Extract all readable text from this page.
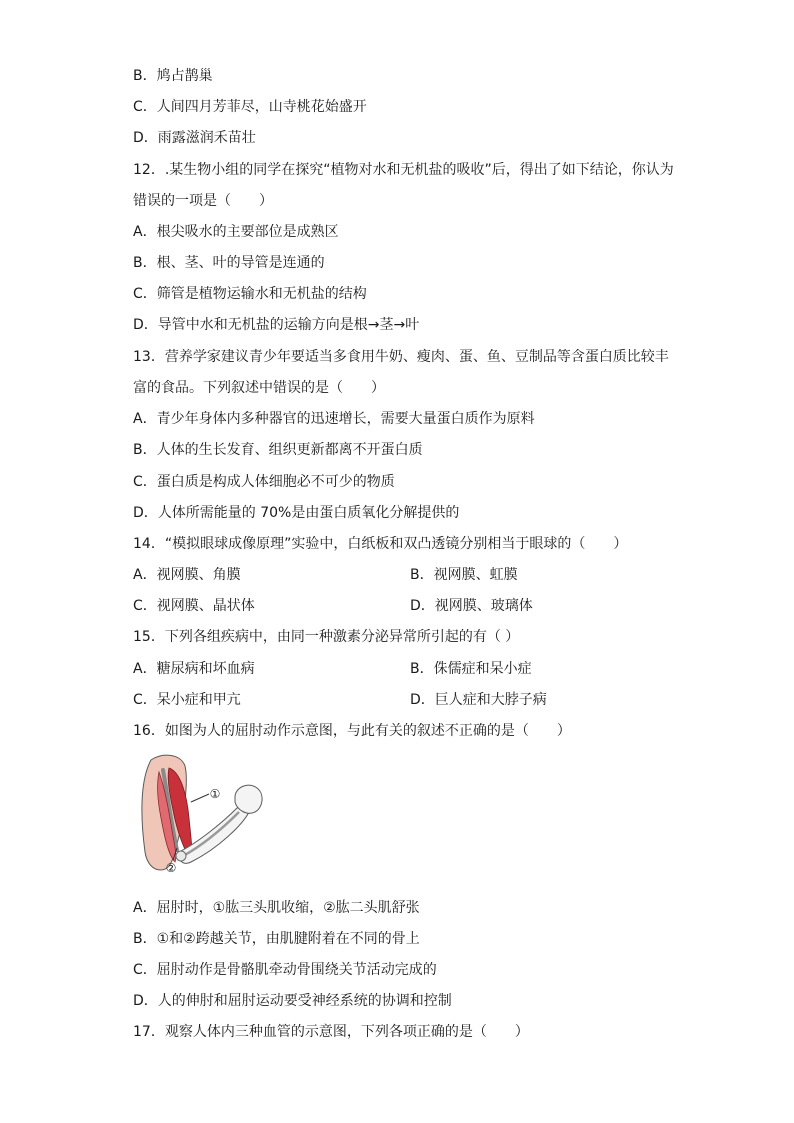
B．鸠占鹊巢
C．人间四月芳菲尽，山寺桃花始盛开
D．雨露滋润禾苗壮
12．.某生物小组的同学在探究“植物对水和无机盐的吸收”后，得出了如下结论，你认为
错误的一项是（　　）
A．根尖吸水的主要部位是成熟区
B．根、茎、叶的导管是连通的
C．筛管是植物运输水和无机盐的结构
D．导管中水和无机盐的运输方向是根→茎→叶
13．营养学家建议青少年要适当多食用牛奶、瘦肉、蛋、鱼、豆制品等含蛋白质比较丰
富的食品。下列叙述中错误的是（　　）
A．青少年身体内多种器官的迅速增长，需要大量蛋白质作为原料
B．人体的生长发育、组织更新都离不开蛋白质
C．蛋白质是构成人体细胞必不可少的物质
D．人体所需能量的 70%是由蛋白质氧化分解提供的
14．“模拟眼球成像原理”实验中，白纸板和双凸透镜分别相当于眼球的（　　）
A．视网膜、角膜	B．视网膜、虹膜
C．视网膜、晶状体	D．视网膜、玻璃体
15．下列各组疾病中，由同一种激素分泌异常所引起的有（ ）
A．糖尿病和坏血病	B．侏儒症和呆小症
C．呆小症和甲亢	D．巨人症和大脖子病
16．如图为人的屈肘动作示意图，与此有关的叙述不正确的是（　　）
①
②
A．屈肘时，①肱三头肌收缩，②肱二头肌舒张
B．①和②跨越关节，由肌腱附着在不同的骨上
C．屈肘动作是骨骼肌牵动骨围绕关节活动完成的
D．人的伸肘和屈肘运动要受神经系统的协调和控制
17．观察人体内三种血管的示意图，下列各项正确的是（　　）
